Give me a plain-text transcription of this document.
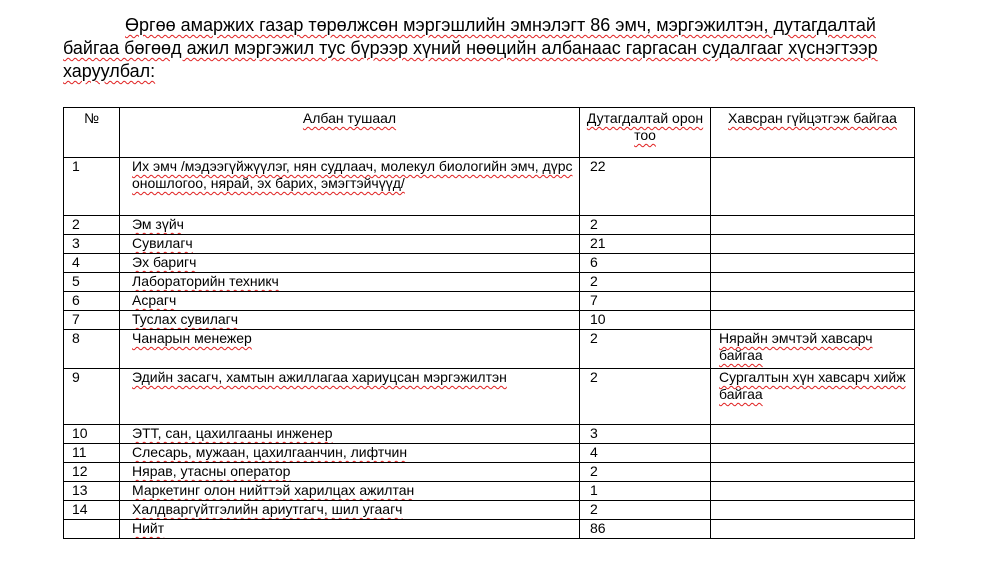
Өргөө амаржих газар төрөлжсөн мэргэшлийн эмнэлэгт 86 эмч, мэргэжилтэн, дутагдалтай байгаа бөгөөд ажил мэргэжил тус бүрээр хүний нөөцийн албанаас гаргасан судалгааг хүснэгтээр харуулбал:

№	Албан тушаал	Дутагдалтай орон тоо	Хавсран гүйцэтгэж байгаа
1	Их эмч /мэдээгүйжүүлэг, нян судлаач, молекул биологийн эмч, дүрс оношлогоо, нярай, эх барих, эмэгтэйчүүд/	22	
2	Эм зүйч	2	
3	Сувилагч	21	
4	Эх баригч	6	
5	Лабораторийн техникч	2	
6	Асрагч	7	
7	Туслах сувилагч	10	
8	Чанарын менежер	2	Нярайн эмчтэй хавсарч байгаа
9	Эдийн засагч, хамтын ажиллагаа хариуцсан мэргэжилтэн	2	Сургалтын хүн хавсарч хийж байгаа
10	ЭТТ, сан, цахилгааны инженер	3	
11	Слесарь, мужаан, цахилгаанчин, лифтчин	4	
12	Нярав, утасны оператор	2	
13	Маркетинг олон нийттэй харилцах ажилтан	1	
14	Халдваргүйтгэлийн ариутгагч, шил угаагч	2	
	Нийт	86	
